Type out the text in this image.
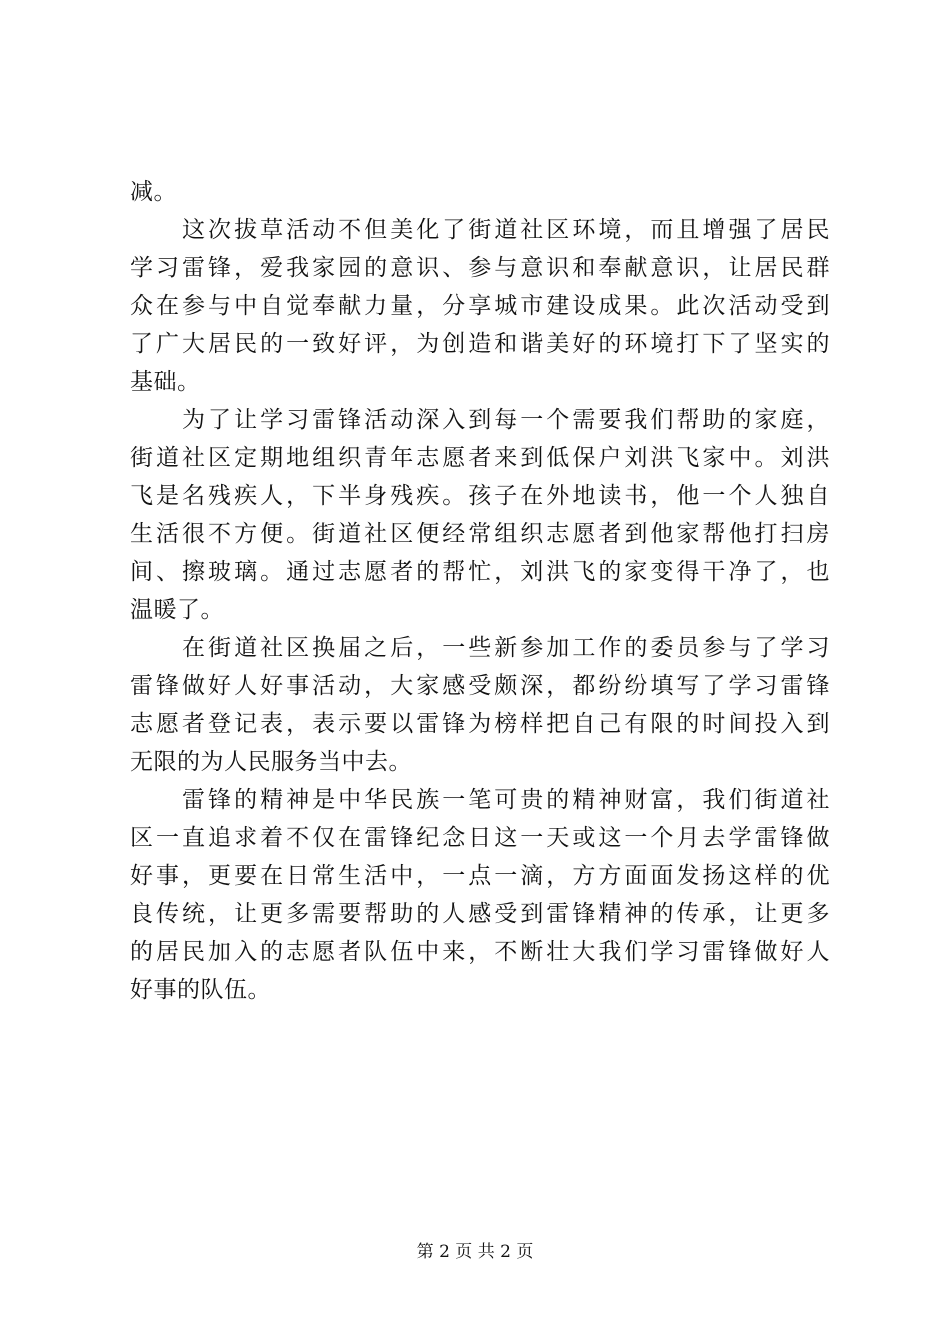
减。
　　这次拔草活动不但美化了街道社区环境，而且增强了居民
学习雷锋，爱我家园的意识、参与意识和奉献意识，让居民群
众在参与中自觉奉献力量，分享城市建设成果。此次活动受到
了广大居民的一致好评，为创造和谐美好的环境打下了坚实的
基础。
　　为了让学习雷锋活动深入到每一个需要我们帮助的家庭，
街道社区定期地组织青年志愿者来到低保户刘洪飞家中。刘洪
飞是名残疾人，下半身残疾。孩子在外地读书，他一个人独自
生活很不方便。街道社区便经常组织志愿者到他家帮他打扫房
间、擦玻璃。通过志愿者的帮忙，刘洪飞的家变得干净了，也
温暖了。
　　在街道社区换届之后，一些新参加工作的委员参与了学习
雷锋做好人好事活动，大家感受颇深，都纷纷填写了学习雷锋
志愿者登记表，表示要以雷锋为榜样把自己有限的时间投入到
无限的为人民服务当中去。
　　雷锋的精神是中华民族一笔可贵的精神财富，我们街道社
区一直追求着不仅在雷锋纪念日这一天或这一个月去学雷锋做
好事，更要在日常生活中，一点一滴，方方面面发扬这样的优
良传统，让更多需要帮助的人感受到雷锋精神的传承，让更多
的居民加入的志愿者队伍中来，不断壮大我们学习雷锋做好人
好事的队伍。
第 2 页 共 2 页
